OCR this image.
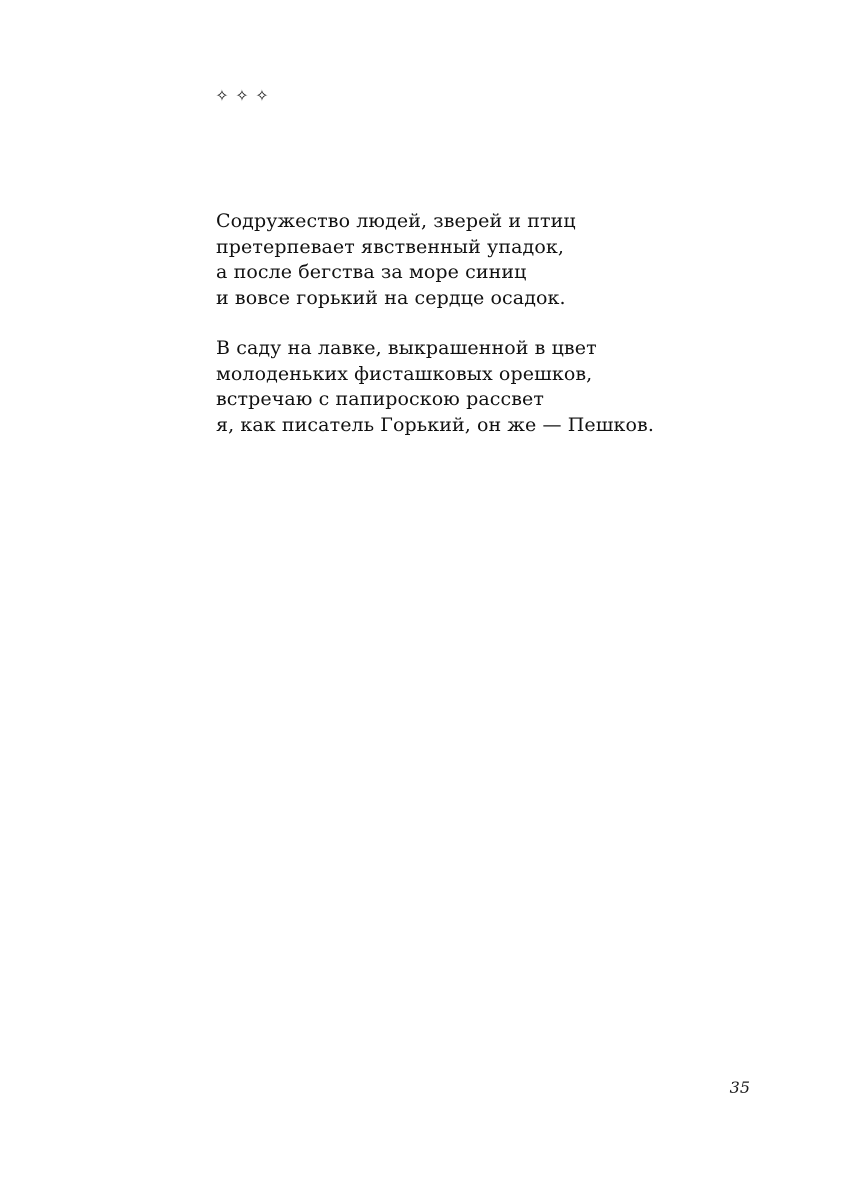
✧ ✧ ✧
Содружество людей, зверей и птиц
претерпевает явственный упадок,
а после бегства за море синиц
и вовсе горький на сердце осадок.
В саду на лавке, выкрашенной в цвет
молоденьких фисташковых орешков,
встречаю с папироскою рассвет
я, как писатель Горький, он же — Пешков.
35
